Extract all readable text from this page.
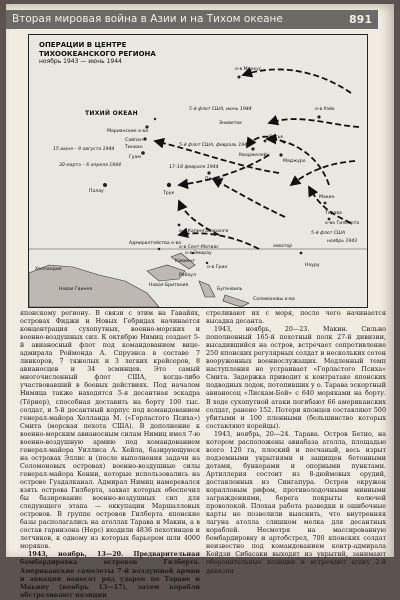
Вторая мировая война в Азии и на Тихом океане	891
ОПЕРАЦИИ В ЦЕНТРЕ
ТИХООКЕАНСКОГО РЕГИОНА
ноябрь 1943 — июнь 1944
ТИХИЙ ОКЕАН
экватор
о-в Маркус
о-в Уэйк
Марианские о-ва
Сайпан
Тиниан
Гуам
Палау	Трук
Понапе
Кваджелейн
Вотье
Маджуро
Эниветок
5-й флот США, июнь 1944
5-й флот США, февраль 1944
5-й флот США
30 марта – 6 апреля 1944	17–18 февраля 1944
15 июня – 9 августа 1944
Макин
Тарава
о-ва Гилберта
Науру
ноябрь 1943
о-в Капингамаранги
Адмиралтейства о-ва
о-в Сент-Матиас
о-в Эмирау
о-в Грин
Новая Британия
Новая Гвинея
Рабаул
Кавиенг
Бугенвиль
Соломоновы о-ва
Холландия

японскому региону. В связи с этим на Гавайях, островах Фиджи и Новых Гебридах начинается концентрация сухопутных, военно-морских и военно-воздушных сил. К октябрю Нимиц создает 5-й авианосный флот под командованием вице-адмирала Реймонда А. Спруэнса в составе 7 линкоров, 7 тяжелых и 3 легких крейсеров, 8 авианосцев и 34 эсминцев. Это самый многочисленный флот США, когда-либо участвовавший в боевых действиях. Под началом Нимица также находятся 5-я десантная эскадра (Тёрнер), способная доставить на борту 100 тыс. солдат, и 5-й десантный корпус под командованием генерал-майора Холланда М. («Горластого Психа») Смита (морская пехота США). В дополнение к военно-морским авианосным силам Нимиц имел 7-ю военно-воздушную армию под командованием генерал-майора Уиллиса А. Хейла, базирующуюся на островах Эллис и (после выполнения задачи на Соломоновых островах) военно-воздушные силы генерал-майора Кенни, которые использовались на острове Гуадалканал. Адмирал Нимиц намеревался взять острова Гилберта, захват которых обеспечил бы базирование военно-воздушных сил для следующего этапа — оккупации Маршалловых островов. В группе островов Гилберта японские базы располагались на атоллах Тарава и Макин, а в состав гарнизона (Нерс) входили 4836 пехотинцев и летчиков, к одному из которых барьером шли 4000 моряков.

1943, ноябрь, 13—20. Предварительная бомбардировка островов Гилберта. Американские самолеты 7-й воздушной армии и авиации наносят ряд ударов по Тараве и Макину (ноябрь 13—17), затем корабли обстреливают позиции

стреливают их с моря, после чего начинается высадка десанта.

1943, ноябрь, 20—23. Макин. Сильно пополненный 165-й пехотный полк 27-й дивизии, высадившийся на остров, встречает сопротивление 250 японских регулярных солдат и нескольких сотен вооруженных военнослужащих. Медленный темп наступления не устраивает «Горластого Психа» Смита. Задержка приводит к контратаке японских подводных лодок, потопивших у о. Тарава эскортный авианосец «Лискам-Бей» с 640 моряками на борту. В ходе сухопутной атаки погибают 66 американских солдат, ранено 152. Потери японцев составляют 500 убитыми и 100 пленными (большинство которых составляют корейцы).

1943, ноябрь, 20—24. Тарава. Остров Бетио, на котором расположены авиабаза атолла, площадью всего 120 га, плоский и песчаный, весь изрыт подземными укрытиями и защищен бетонными дотами, бункерами и опорными пунктами. Артиллерия состоит из 8-дюймовых орудий, доставленных из Сингапура. Остров окружен коралловым рифом, противолодочными минными заграждениями, берега покрыты колючей проволокой. Плохая работа разведки и ошибочные карты не позволили выяснить, что внутренняя лагуна атолла слишком мелка для десантных кораблей. Несмотря на массированную бомбардировку и артобстрел, 700 японских солдат неизвестно под командованием контр-адмирала Кейдзи Сибасаки выходят из укрытий, занимают оборонительные позиции и встречают атаку 2-й дивизии
